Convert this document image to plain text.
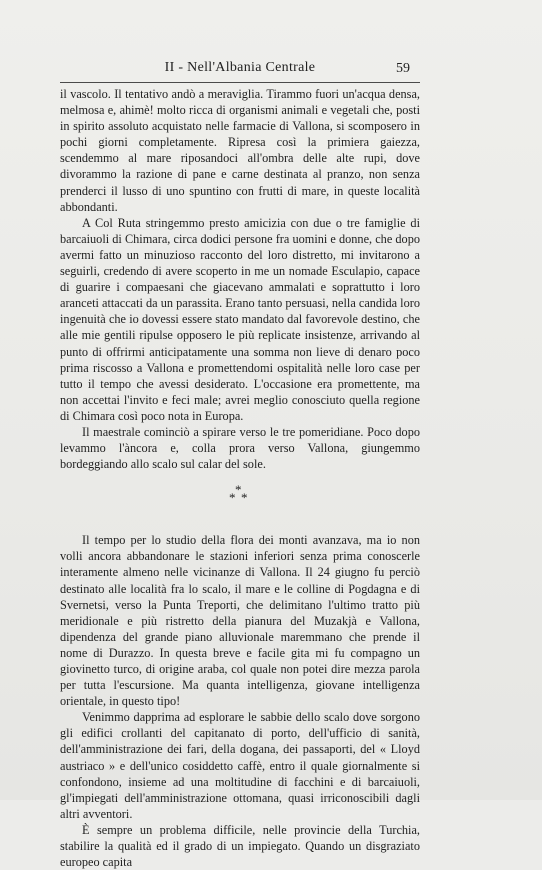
II - Nell'Albania Centrale	59

il vascolo. Il tentativo andò a meraviglia. Tirammo fuori un'acqua densa, melmosa e, ahimè! molto ricca di organismi animali e vegetali che, posti in spirito assoluto acquistato nelle farmacie di Vallona, si scomposero in pochi giorni completamente. Ripresa così la primiera gaiezza, scendemmo al mare riposandoci all'ombra delle alte rupi, dove divorammo la razione di pane e carne destinata al pranzo, non senza prenderci il lusso di uno spuntino con frutti di mare, in queste località abbondanti.

A Col Ruta stringemmo presto amicizia con due o tre famiglie di barcaiuoli di Chimara, circa dodici persone fra uomini e donne, che dopo avermi fatto un minuzioso racconto del loro distretto, mi invitarono a seguirli, credendo di avere scoperto in me un nomade Esculapio, capace di guarire i compaesani che giacevano ammalati e soprattutto i loro aranceti attaccati da un parassita. Erano tanto persuasi, nella candida loro ingenuità che io dovessi essere stato mandato dal favorevole destino, che alle mie gentili ripulse opposero le più replicate insistenze, arrivando al punto di offrirmi anticipatamente una somma non lieve di denaro poco prima riscosso a Vallona e promettendomi ospitalità nelle loro case per tutto il tempo che avessi desiderato. L'occasione era promettente, ma non accettai l'invito e feci male; avrei meglio conosciuto quella regione di Chimara così poco nota in Europa.

Il maestrale cominciò a spirare verso le tre pomeridiane. Poco dopo levammo l'àncora e, colla prora verso Vallona, giungemmo bordeggiando allo scalo sul calar del sole.

*
* *

Il tempo per lo studio della flora dei monti avanzava, ma io non volli ancora abbandonare le stazioni inferiori senza prima conoscerle interamente almeno nelle vicinanze di Vallona. Il 24 giugno fu perciò destinato alle località fra lo scalo, il mare e le colline di Pogdagna e di Svernetsi, verso la Punta Treporti, che delimitano l'ultimo tratto più meridionale e più ristretto della pianura del Muzakjà e Vallona, dipendenza del grande piano alluvionale maremmano che prende il nome di Durazzo. In questa breve e facile gita mi fu compagno un giovinetto turco, di origine araba, col quale non potei dire mezza parola per tutta l'escursione. Ma quanta intelligenza, giovane intelligenza orientale, in questo tipo!

Venimmo dapprima ad esplorare le sabbie dello scalo dove sorgono gli edifici crollanti del capitanato di porto, dell'ufficio di sanità, dell'amministrazione dei fari, della dogana, dei passaporti, del « Lloyd austriaco » e dell'unico cosiddetto caffè, entro il quale giornalmente si confondono, insieme ad una moltitudine di facchini e di barcaiuoli, gl'impiegati dell'amministrazione ottomana, quasi irriconoscibili dagli altri avventori.

È sempre un problema difficile, nelle provincie della Turchia, stabilire la qualità ed il grado di un impiegato. Quando un disgraziato europeo capita
